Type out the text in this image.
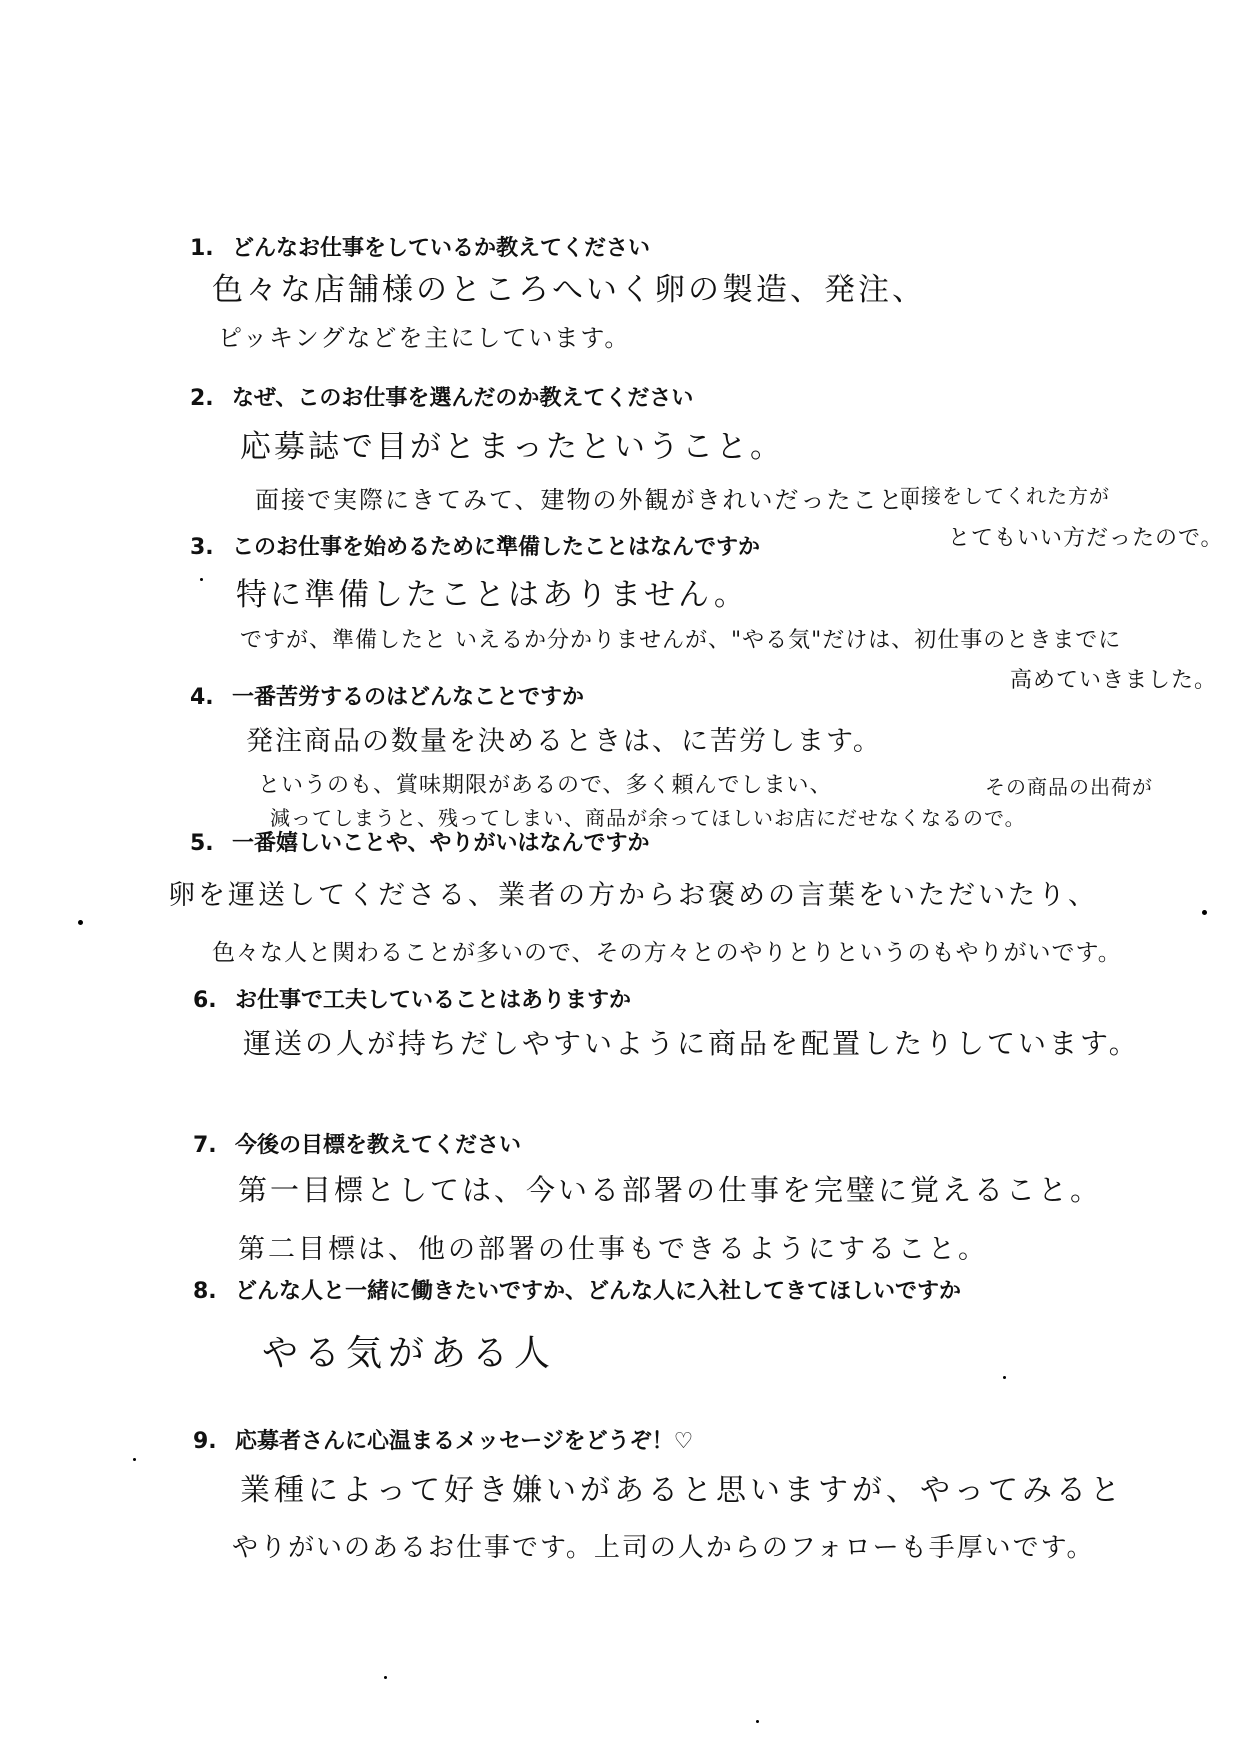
1. どんなお仕事をしているか教えてください
色々な店舗様のところへいく卵の製造、発注、
ピッキングなどを主にしています。
2. なぜ、このお仕事を選んだのか教えてください
応募誌で目がとまったということ。
面接で実際にきてみて、建物の外観がきれいだったこと、
面接をしてくれた方が
とてもいい方だったので。
3. このお仕事を始めるために準備したことはなんですか
特に準備したことはありません。
ですが、準備したと いえるか分かりませんが、"やる気"だけは、初仕事のときまでに
高めていきました。
4. 一番苦労するのはどんなことですか
発注商品の数量を決めるときは、に苦労します。
というのも、賞味期限があるので、多く頼んでしまい、	その商品の出荷が
減ってしまうと、残ってしまい、商品が余ってほしいお店にだせなくなるので。
5. 一番嬉しいことや、やりがいはなんですか
卵を運送してくださる、業者の方からお褒めの言葉をいただいたり、
色々な人と関わることが多いので、その方々とのやりとりというのもやりがいです。
6. お仕事で工夫していることはありますか
運送の人が持ちだしやすいように商品を配置したりしています。
7. 今後の目標を教えてください
第一目標としては、今いる部署の仕事を完璧に覚えること。
第二目標は、他の部署の仕事もできるようにすること。
8. どんな人と一緒に働きたいですか、どんな人に入社してきてほしいですか
やる気がある人
9. 応募者さんに心温まるメッセージをどうぞ！♡
業種によって好き嫌いがあると思いますが、やってみると
やりがいのあるお仕事です。上司の人からのフォローも手厚いです。
